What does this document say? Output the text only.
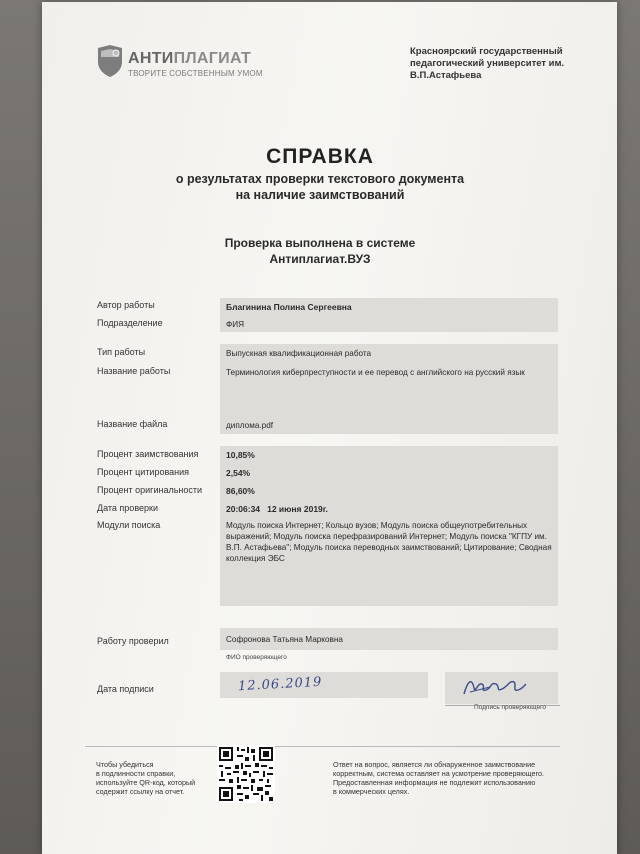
АНТИПЛАГИАТ
ТВОРИТЕ СОБСТВЕННЫМ УМОМ
Красноярский государственный
педагогический университет им.
В.П.Астафьева
СПРАВКА
о результатах проверки текстового документа
на наличие заимствований
Проверка выполнена в системе
Антиплагиат.ВУЗ
Автор работы
Подразделение
Тип работы
Название работы
Название файла
Процент заимствования
Процент цитирования
Процент оригинальности
Дата проверки
Модули поиска
Работу проверил
Дата подписи
Благинина Полина Сергеевна
ФИЯ
Выпускная квалификационная работа
Терминология киберпреступности и ее перевод с английского на русский язык
диплома.pdf
10,85%
2,54%
86,60%
20:06:34   12 июня 2019г.
Модуль поиска Интернет; Кольцо вузов; Модуль поиска общеупотребительных
выражений; Модуль поиска перефразирований Интернет; Модуль поиска "КГПУ им.
В.П. Астафьева"; Модуль поиска переводных заимствований; Цитирование; Сводная
коллекция ЭБС
Софронова Татьяна Марковна
ФИО проверяющего
12.06.2019
Подпись проверяющего
Чтобы убедиться
в подлинности справки,
используйте QR-код, который
содержит ссылку на отчет.
Ответ на вопрос, является ли обнаруженное заимствование
корректным, система оставляет на усмотрение проверяющего.
Предоставленная информация не подлежит использованию
в коммерческих целях.
